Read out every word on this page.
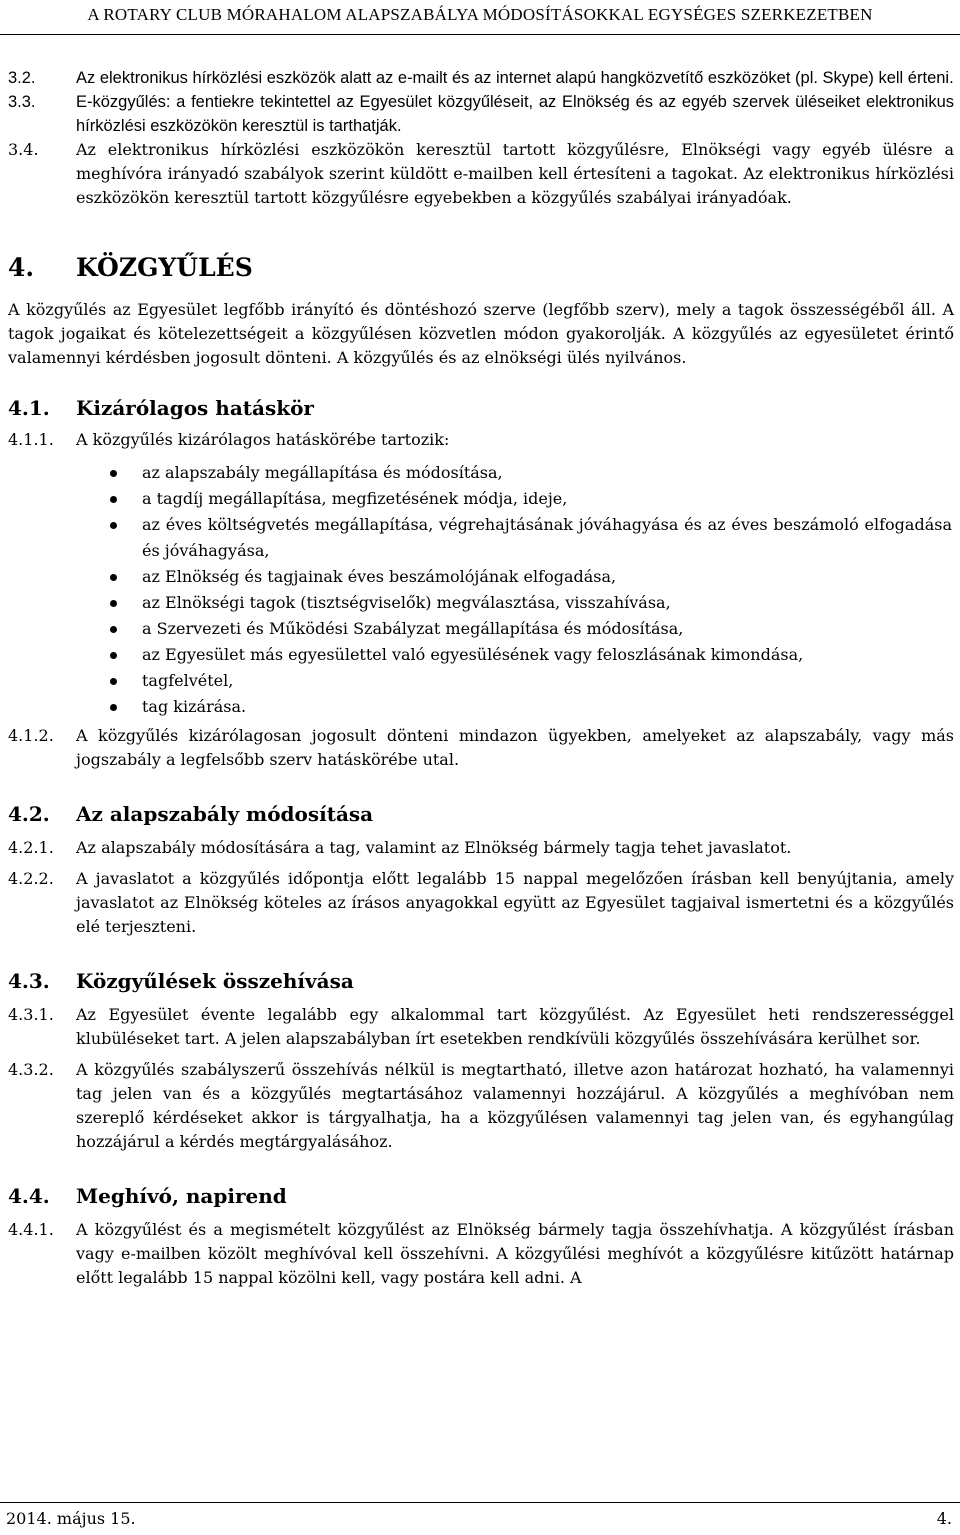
A ROTARY CLUB MÓRAHALOM ALAPSZABÁLYA MÓDOSÍTÁSOKKAL EGYSÉGES SZERKEZETBEN
3.2.	Az elektronikus hírközlési eszközök alatt az e-mailt és az internet alapú hangközvetítő eszközöket (pl. Skype) kell érteni.
3.3.	E-közgyűlés: a fentiekre tekintettel az Egyesület közgyűléseit, az Elnökség és az egyéb szervek üléseiket elektronikus hírközlési eszközökön keresztül is tarthatják.
3.4.	Az elektronikus hírközlési eszközökön keresztül tartott közgyűlésre, Elnökségi vagy egyéb ülésre a meghívóra irányadó szabályok szerint küldött e-mailben kell értesíteni a tagokat. Az elektronikus hírközlési eszközökön keresztül tartott közgyűlésre egyebekben a közgyűlés szabályai irányadóak.
4.	KÖZGYŰLÉS
A közgyűlés az Egyesület legfőbb irányító és döntéshozó szerve (legfőbb szerv), mely a tagok összességéből áll. A tagok jogaikat és kötelezettségeit a közgyűlésen közvetlen módon gyakorolják. A közgyűlés az egyesületet érintő valamennyi kérdésben jogosult dönteni. A közgyűlés és az elnökségi ülés nyilvános.
4.1.	Kizárólagos hatáskör
4.1.1.	A közgyűlés kizárólagos hatáskörébe tartozik:
az alapszabály megállapítása és módosítása,
a tagdíj megállapítása, megfizetésének módja, ideje,
az éves költségvetés megállapítása, végrehajtásának jóváhagyása és az éves beszámoló elfogadása és jóváhagyása,
az Elnökség és tagjainak éves beszámolójának elfogadása,
az Elnökségi tagok (tisztségviselők) megválasztása, visszahívása,
a Szervezeti és Működési Szabályzat megállapítása és módosítása,
az Egyesület más egyesülettel való egyesülésének vagy feloszlásának kimondása,
tagfelvétel,
tag kizárása.
4.1.2.	A közgyűlés kizárólagosan jogosult dönteni mindazon ügyekben, amelyeket az alapszabály, vagy más jogszabály a legfelsőbb szerv hatáskörébe utal.
4.2.	Az alapszabály módosítása
4.2.1.	Az alapszabály módosítására a tag, valamint az Elnökség bármely tagja tehet javaslatot.
4.2.2.	A javaslatot a közgyűlés időpontja előtt legalább 15 nappal megelőzően írásban kell benyújtania, amely javaslatot az Elnökség köteles az írásos anyagokkal együtt az Egyesület tagjaival ismertetni és a közgyűlés elé terjeszteni.
4.3.	Közgyűlések összehívása
4.3.1.	Az Egyesület évente legalább egy alkalommal tart közgyűlést. Az Egyesület heti rendszerességgel klubüléseket tart. A jelen alapszabályban írt esetekben rendkívüli közgyűlés összehívására kerülhet sor.
4.3.2.	A közgyűlés szabályszerű összehívás nélkül is megtartható, illetve azon határozat hozható, ha valamennyi tag jelen van és a közgyűlés megtartásához valamennyi hozzájárul. A közgyűlés a meghívóban nem szereplő kérdéseket akkor is tárgyalhatja, ha a közgyűlésen valamennyi tag jelen van, és egyhangúlag hozzájárul a kérdés megtárgyalásához.
4.4.	Meghívó, napirend
4.4.1.	A közgyűlést és a megismételt közgyűlést az Elnökség bármely tagja összehívhatja. A közgyűlést írásban vagy e-mailben közölt meghívóval kell összehívni. A közgyűlési meghívót a közgyűlésre kitűzött határnap előtt legalább 15 nappal közölni kell, vagy postára kell adni. A
2014. május 15.	4.
